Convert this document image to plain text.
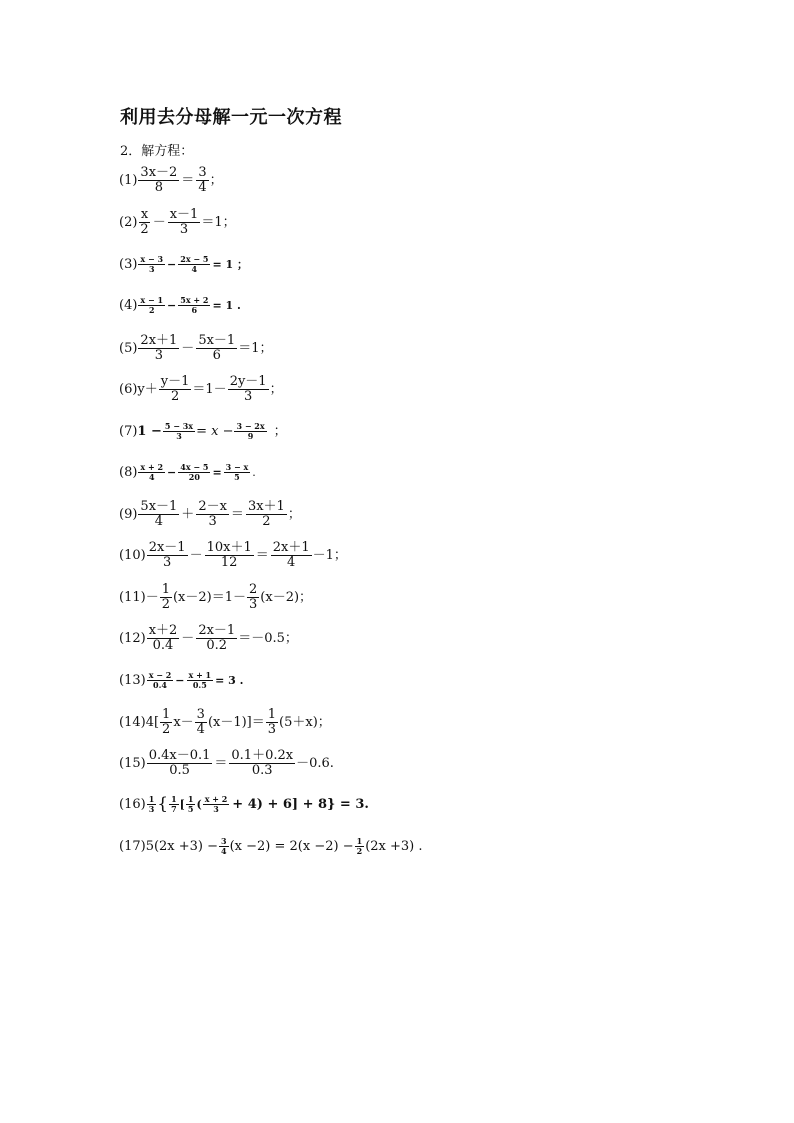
利用去分母解一元一次方程
2．解方程：
$(1) \frac{3x-2}{8} = \frac{3}{4}$ ；
$(2) \frac{x}{2} - \frac{x-1}{3} =1$；
$(3) \frac{x - 3}{3} - \frac{2x - 5}{4} = 1$ ；
$(4) \frac{x - 1}{2} - \frac{5x + 2}{6} = 1$ .
$(5) \frac{2x+1}{3} - \frac{5x-1}{6} =1$；
(6) $y+ \frac{y-1}{2} =1- \frac{2y-1}{3}$ ；
(7) $1 - \frac{5 - 3x}{3} = x - \frac{3 - 2x}{9}$ ；
$(8) \frac{x + 2}{4} - \frac{4x - 5}{20} = \frac{3 - x}{5}$ .
$(9) \frac{5x-1}{4} + \frac{2-x}{3} = \frac{3x+1}{2}$ ；
$(10) \frac{2x-1}{3} - \frac{10x+1}{12} = \frac{2x+1}{4} -1$；
$(11) - \frac{1}{2} (x-2)=1- \frac{2}{3} (x-2)$；
$(12) \frac{x+2}{0.4} - \frac{2x-1}{0.2} =-0.5$；
$(13) \frac{x - 2}{0.4} - \frac{x + 1}{0.5} = 3$ .
(14) $4[ \frac{1}{2} x- \frac{3}{4} (x-1)]= \frac{1}{3} (5+x)$；
$(15) \frac{0.4x-0.1}{0.5} = \frac{0.1+0.2x}{0.3} -0.6$.
$(16) \frac{1}{3}$ { $\frac{1}{7}$ [ $\frac{1}{5}$ ( $\frac{x + 2}{3} + 4) + 6] + 8\} = 3$.
(17) $5(2x +3) - \frac{3}{4} (x -2) = 2(x -2) - \frac{1}{2} (2x +3)$ .
